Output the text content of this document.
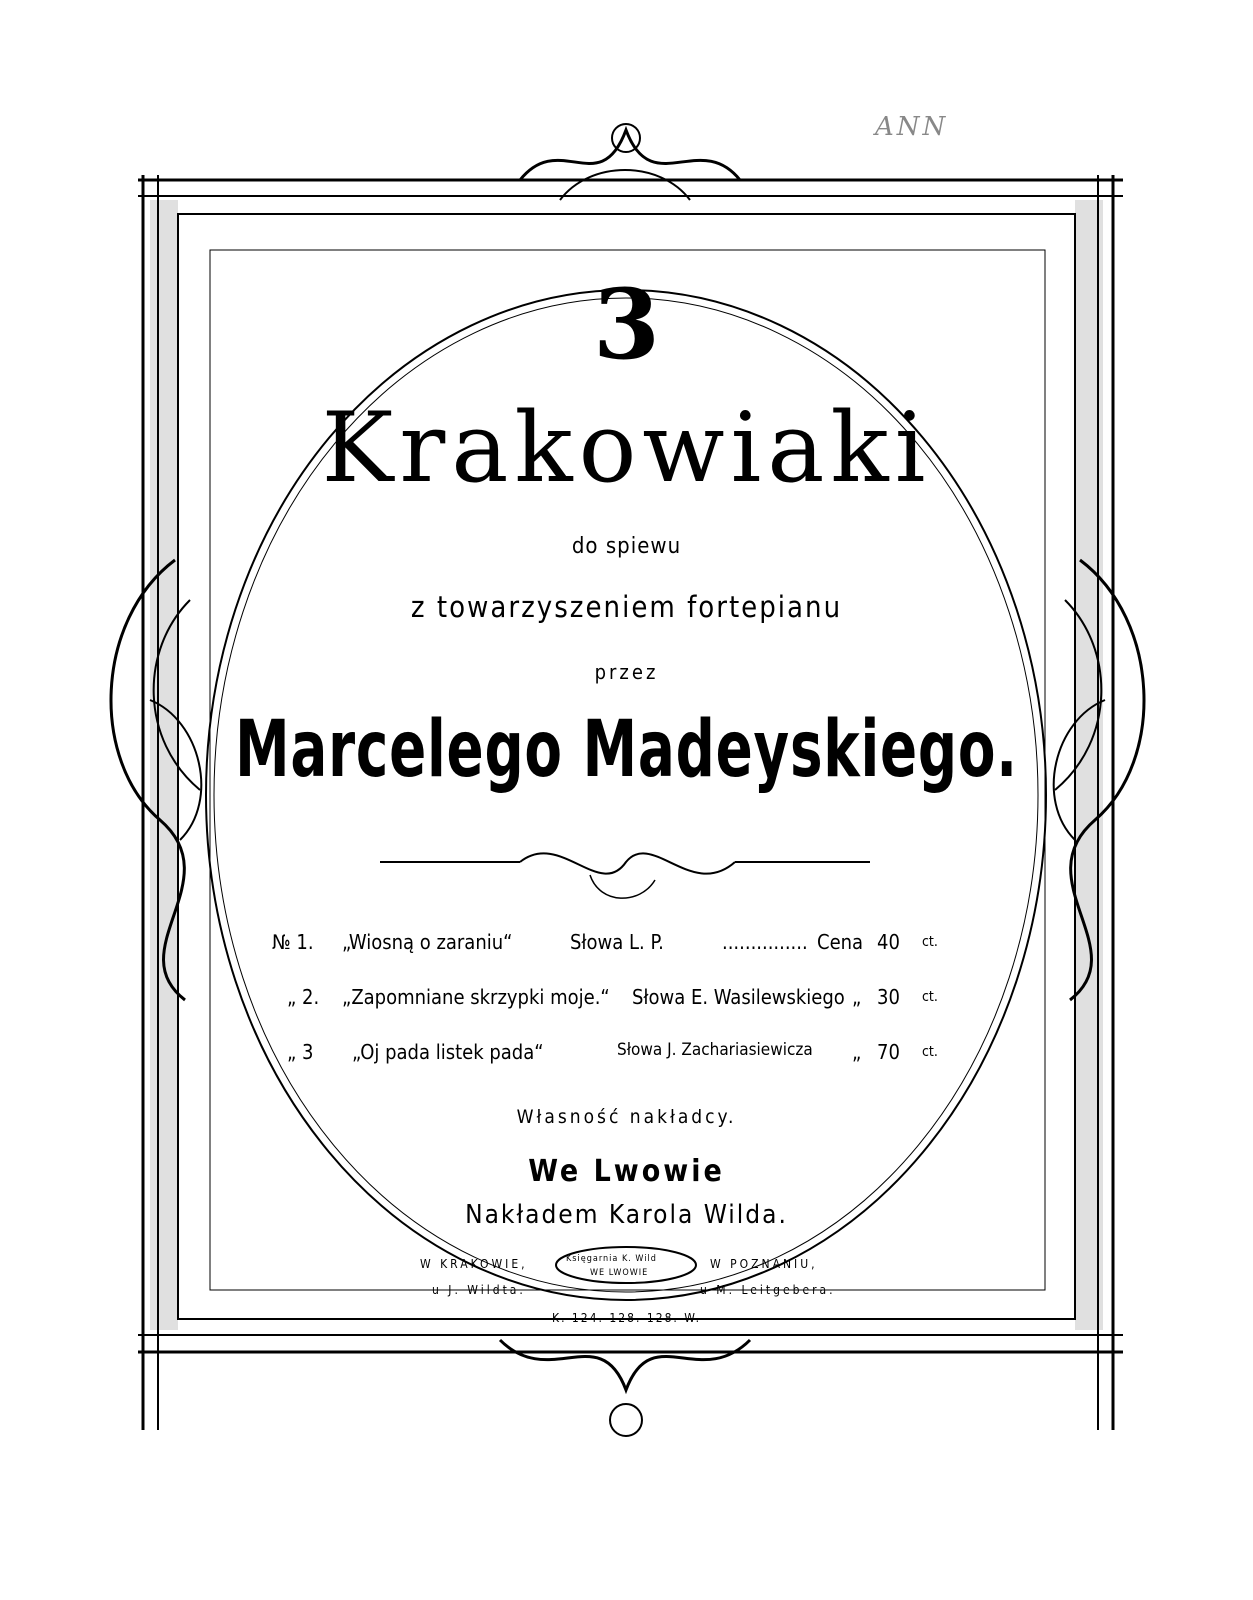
ANN
3
Krakowiaki
do spiewu
z towarzyszeniem fortepianu
przez
Marcelego Madeyskiego.
№ 1. „Wiosną o zaraniu“	Słowa L. P.	............... Cena 40 ct.
„ 2. „Zapomniane skrzypki moje.“ Słowa E. Wasilewskiego „ 30 ct.
„ 3 „Oj pada listek pada“	Słowa J. Zachariasiewicza „ 70 ct.
Własność nakładcy.
We Lwowie
Nakładem Karola Wilda.
W KRAKOWIE,
u J. Wildta.
W POZNANIU,
u M. Leitgebera.
Księgarnia K. Wild
WE LWOWIE
K. 124. 128. 128. W.
